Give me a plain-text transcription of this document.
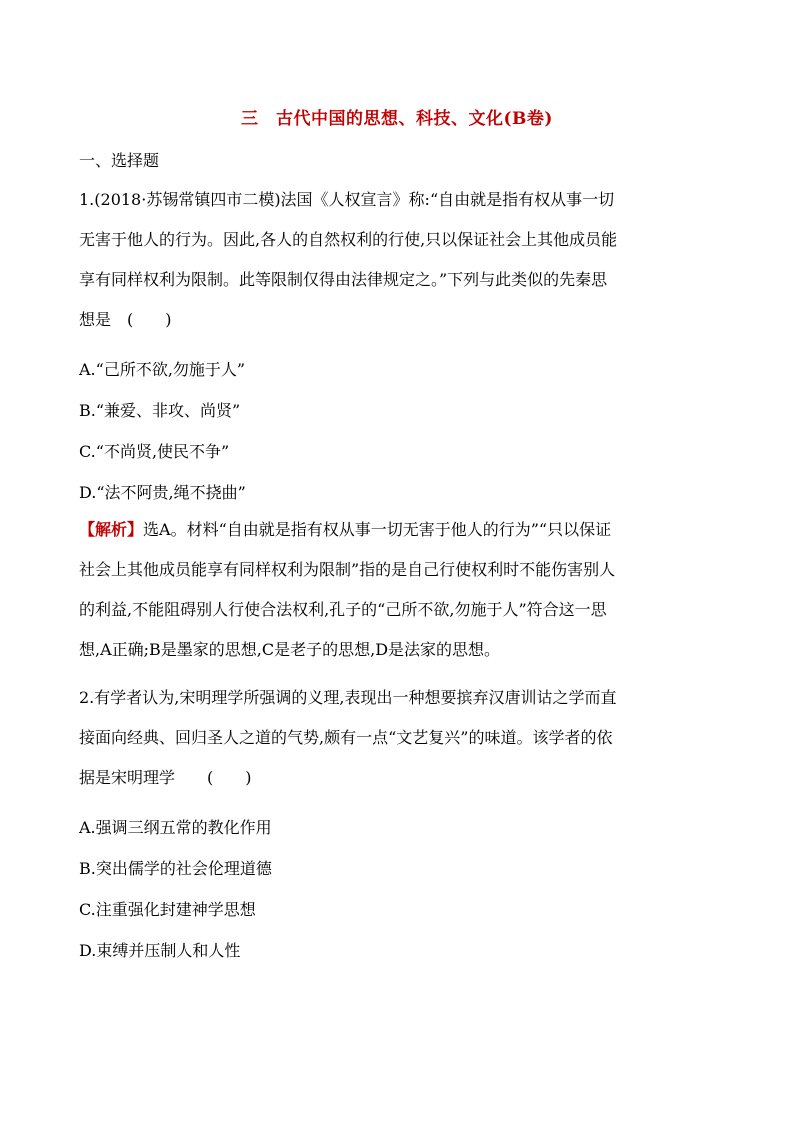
三　古代中国的思想、科技、文化(B卷)
一、选择题

1.(2018·苏锡常镇四市二模)法国《人权宣言》称:“自由就是指有权从事一切

无害于他人的行为。因此,各人的自然权利的行使,只以保证社会上其他成员能

享有同样权利为限制。此等限制仅得由法律规定之。”下列与此类似的先秦思

想是　(　　)

A.“己所不欲,勿施于人”
B.“兼爱、非攻、尚贤”
C.“不尚贤,使民不争”
D.“法不阿贵,绳不挠曲”

【解析】选A。材料“自由就是指有权从事一切无害于他人的行为”“只以保证

社会上其他成员能享有同样权利为限制”指的是自己行使权利时不能伤害别人

的利益,不能阻碍别人行使合法权利,孔子的“己所不欲,勿施于人”符合这一思

想,A正确;B是墨家的思想,C是老子的思想,D是法家的思想。

2.有学者认为,宋明理学所强调的义理,表现出一种想要摈弃汉唐训诂之学而直

接面向经典、回归圣人之道的气势,颇有一点“文艺复兴”的味道。该学者的依

据是宋明理学　　(　　)

A.强调三纲五常的教化作用
B.突出儒学的社会伦理道德
C.注重强化封建神学思想
D.束缚并压制人和人性
